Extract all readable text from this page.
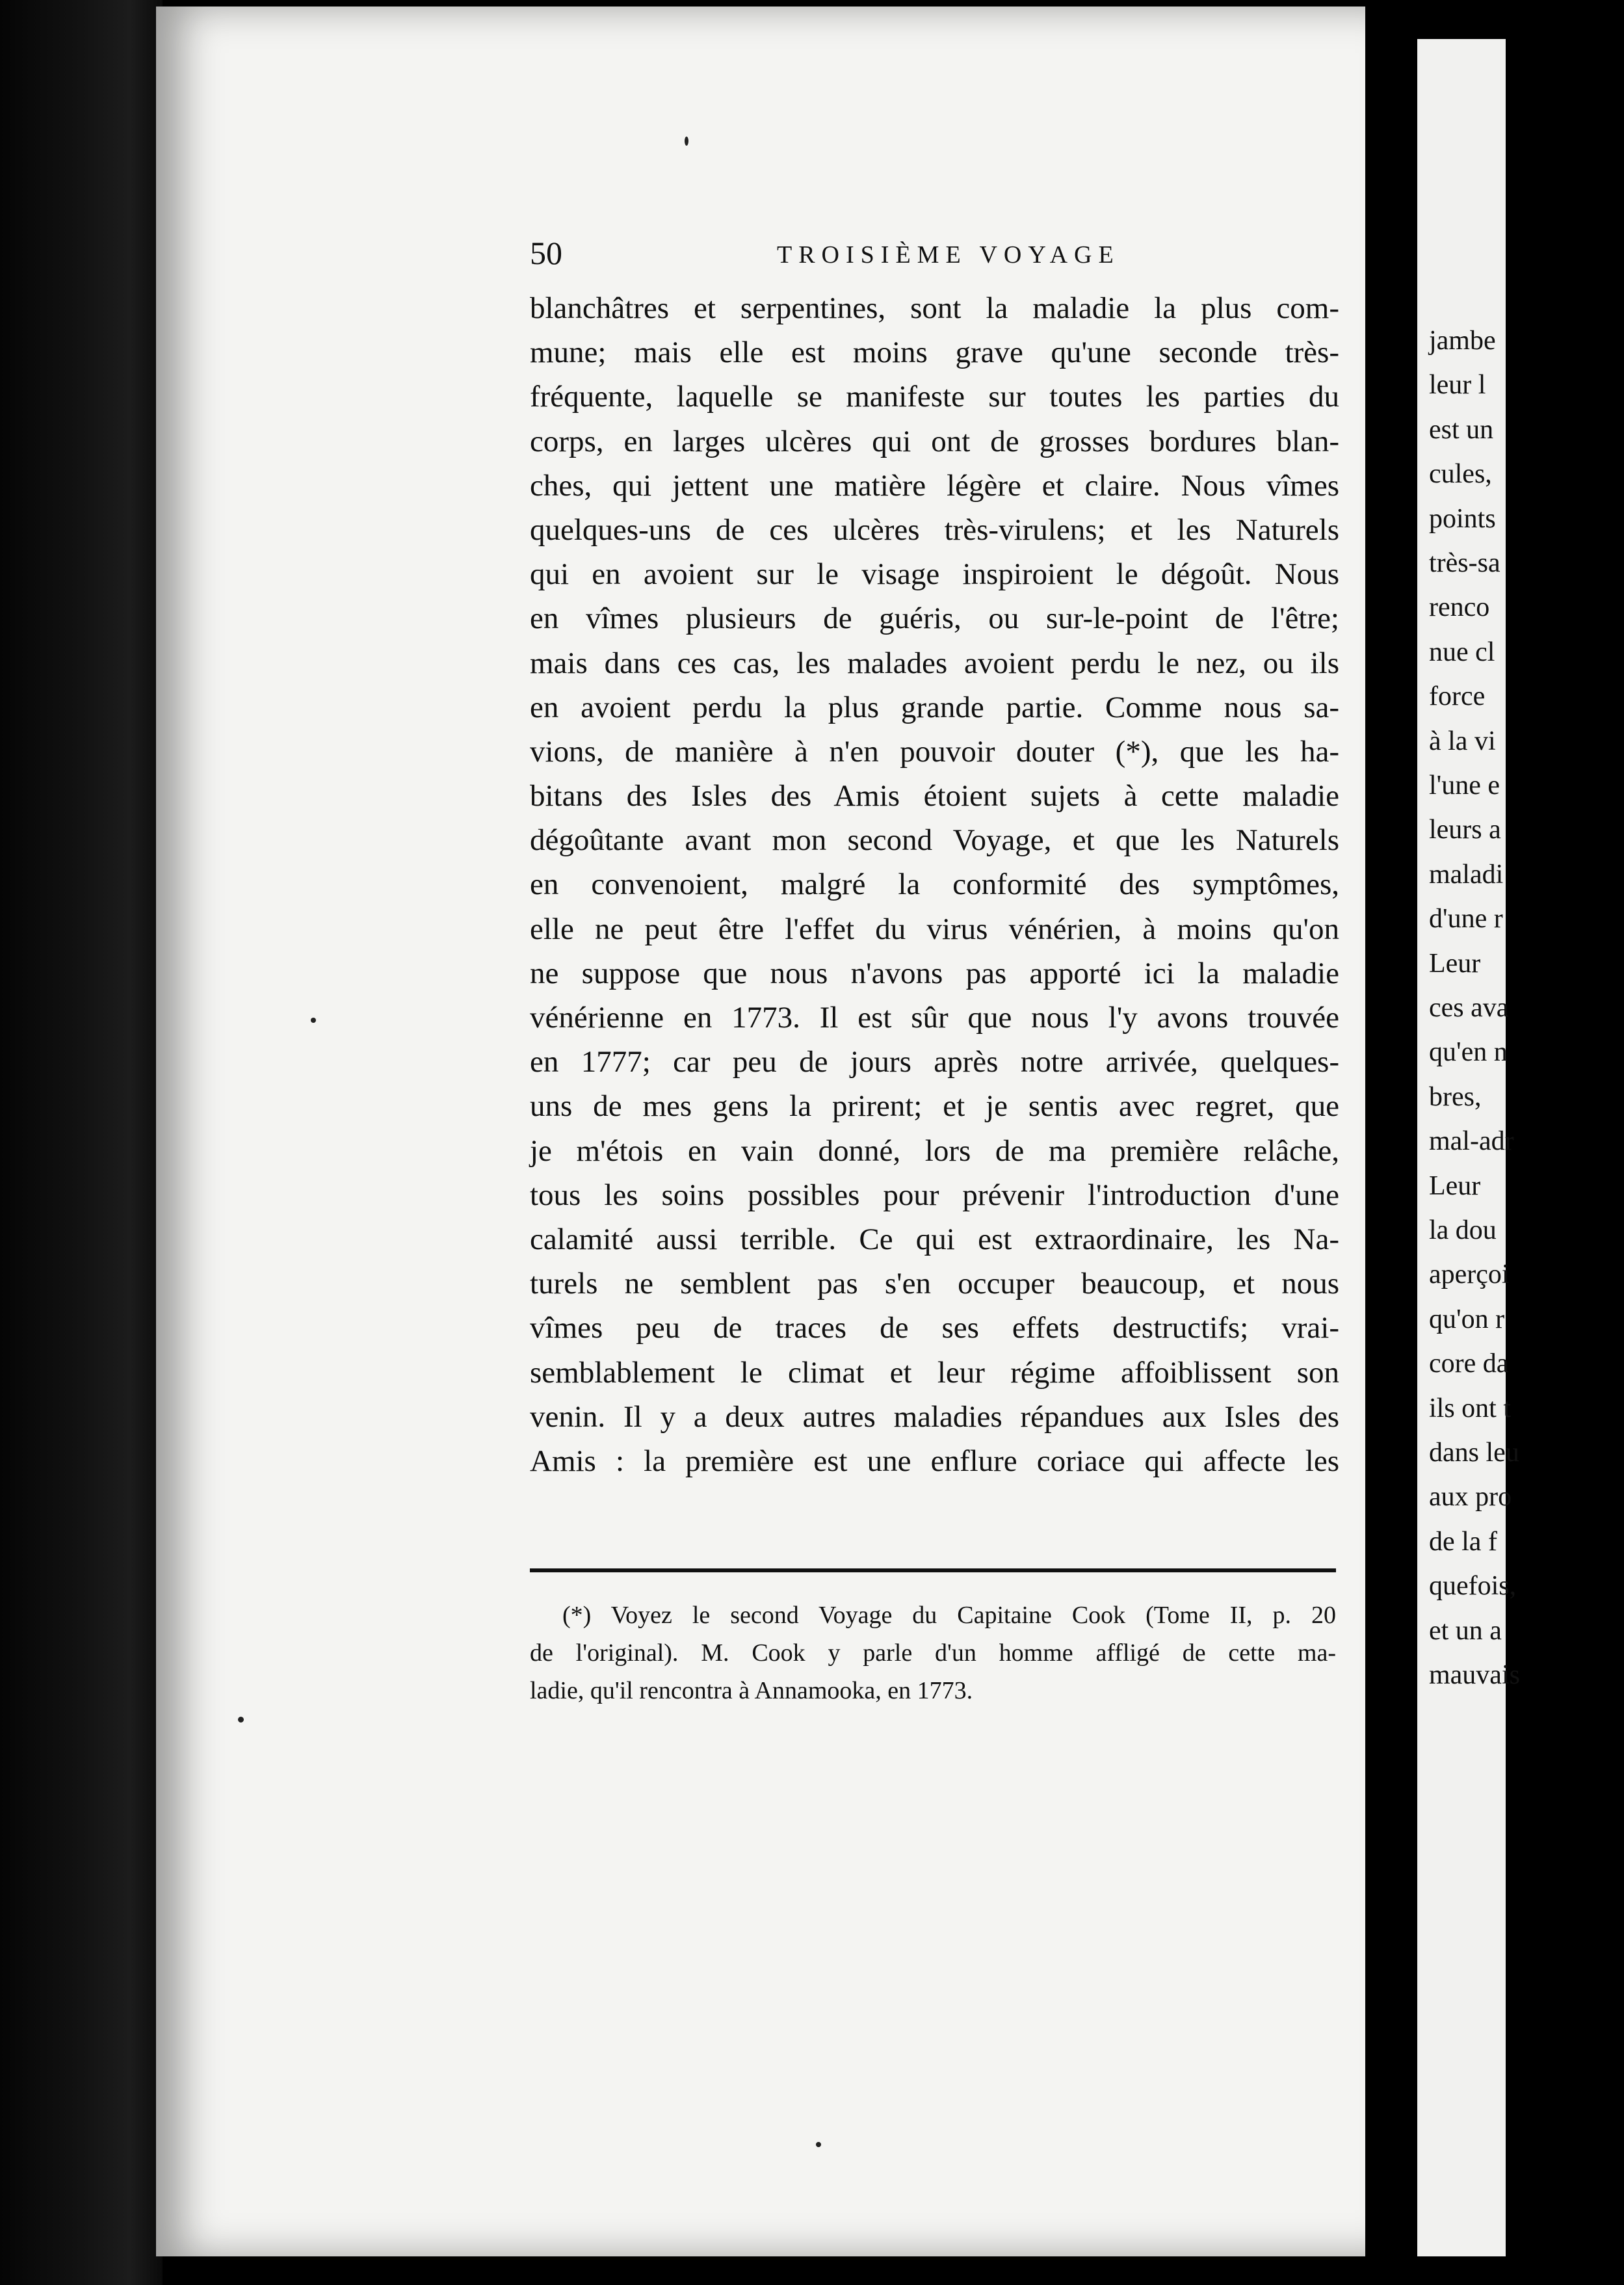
jambe
leur l
est un
cules,
points
très-sa
renco
nue cl
force
à la vi
l'une e
leurs a
maladi
d'une r
Leur
ces ava
qu'en n
bres,
mal-adr
Leur
la dou
aperçoi
qu'on r
core da
ils ont t
dans leu
aux pro
de la f
quefois,
et un a
mauvais
50	TROISIÈME VOYAGE
blanchâtres et serpentines, sont la maladie la plus com-
mune; mais elle est moins grave qu'une seconde très-
fréquente, laquelle se manifeste sur toutes les parties du
corps, en larges ulcères qui ont de grosses bordures blan-
ches, qui jettent une matière légère et claire. Nous vîmes
quelques-uns de ces ulcères très-virulens; et les Naturels
qui en avoient sur le visage inspiroient le dégoût. Nous
en vîmes plusieurs de guéris, ou sur-le-point de l'être;
mais dans ces cas, les malades avoient perdu le nez, ou ils
en avoient perdu la plus grande partie. Comme nous sa-
vions, de manière à n'en pouvoir douter (*), que les ha-
bitans des Isles des Amis étoient sujets à cette maladie
dégoûtante avant mon second Voyage, et que les Naturels
en convenoient, malgré la conformité des symptômes,
elle ne peut être l'effet du virus vénérien, à moins qu'on
ne suppose que nous n'avons pas apporté ici la maladie
vénérienne en 1773. Il est sûr que nous l'y avons trouvée
en 1777; car peu de jours après notre arrivée, quelques-
uns de mes gens la prirent; et je sentis avec regret, que
je m'étois en vain donné, lors de ma première relâche,
tous les soins possibles pour prévenir l'introduction d'une
calamité aussi terrible. Ce qui est extraordinaire, les Na-
turels ne semblent pas s'en occuper beaucoup, et nous
vîmes peu de traces de ses effets destructifs; vrai-
semblablement le climat et leur régime affoiblissent son
venin. Il y a deux autres maladies répandues aux Isles des
Amis : la première est une enflure coriace qui affecte les
(*) Voyez le second Voyage du Capitaine Cook (Tome II, p. 20
de l'original). M. Cook y parle d'un homme affligé de cette ma-
ladie, qu'il rencontra à Annamooka, en 1773.
